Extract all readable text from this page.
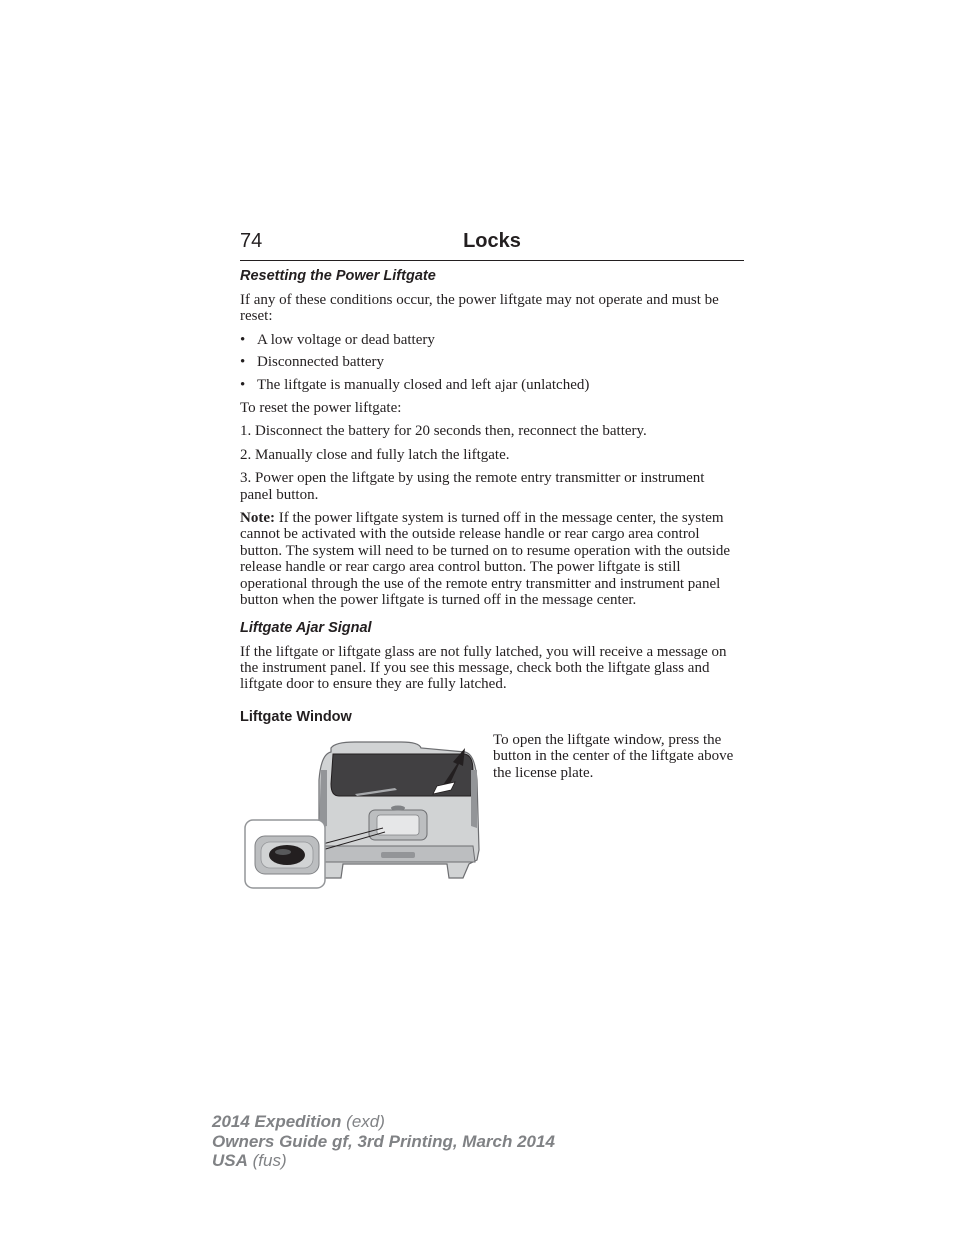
74	Locks
Resetting the Power Liftgate

If any of these conditions occur, the power liftgate may not operate and must be reset:

• A low voltage or dead battery
• Disconnected battery
• The liftgate is manually closed and left ajar (unlatched)

To reset the power liftgate:

1. Disconnect the battery for 20 seconds then, reconnect the battery.

2. Manually close and fully latch the liftgate.

3. Power open the liftgate by using the remote entry transmitter or instrument panel button.

Note: If the power liftgate system is turned off in the message center, the system cannot be activated with the outside release handle or rear cargo area control button. The system will need to be turned on to resume operation with the outside release handle or rear cargo area control button. The power liftgate is still operational through the use of the remote entry transmitter and instrument panel button when the power liftgate is turned off in the message center.

Liftgate Ajar Signal

If the liftgate or liftgate glass are not fully latched, you will receive a message on the instrument panel. If you see this message, check both the liftgate glass and liftgate door to ensure they are fully latched.

Liftgate Window
To open the liftgate window, press the button in the center of the liftgate above the license plate.
2014 Expedition (exd)
Owners Guide gf, 3rd Printing, March 2014
USA (fus)
